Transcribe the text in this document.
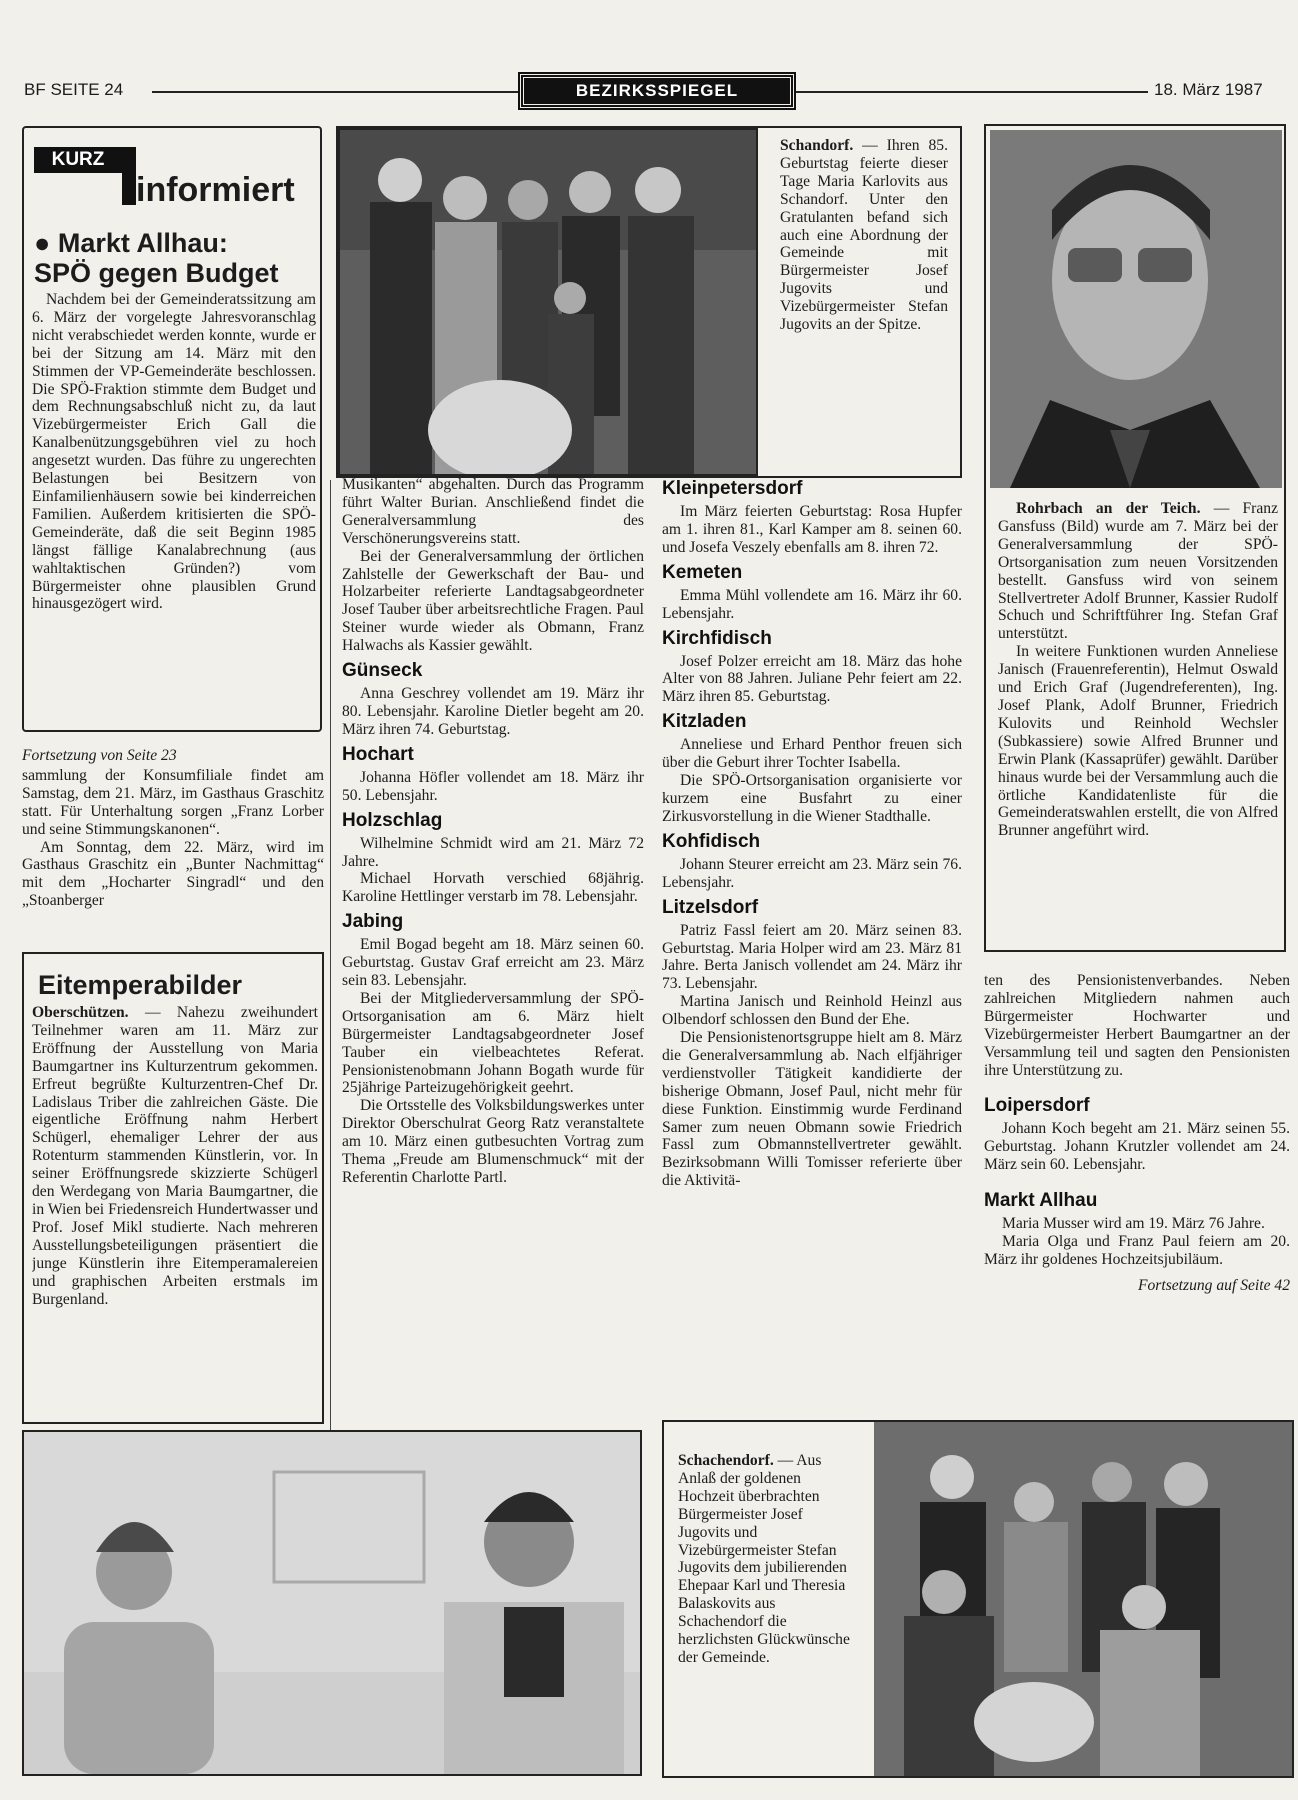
BF SEITE 24	BEZIRKSSPIEGEL	18. März 1987
KURZ
informiert
● Markt Allhau:
SPÖ gegen Budget
Nachdem bei der Gemeinderatssitzung am 6. März der vorgelegte Jahresvoranschlag nicht verabschiedet werden konnte, wurde er bei der Sitzung am 14. März mit den Stimmen der VP-Gemeinderäte beschlossen. Die SPÖ-Fraktion stimmte dem Budget und dem Rechnungsabschluß nicht zu, da laut Vizebürgermeister Erich Gall die Kanalbenützungsgebühren viel zu hoch angesetzt wurden. Das führe zu ungerechten Belastungen bei Besitzern von Einfamilienhäusern sowie bei kinderreichen Familien. Außerdem kritisierten die SPÖ-Gemeinderäte, daß die seit Beginn 1985 längst fällige Kanalabrechnung (aus wahltaktischen Gründen?) vom Bürgermeister ohne plausiblen Grund hinausgezögert wird.
Fortsetzung von Seite 23
sammlung der Konsumfiliale findet am Samstag, dem 21. März, im Gasthaus Graschitz statt. Für Unterhaltung sorgen „Franz Lorber und seine Stimmungskanonen“.
Am Sonntag, dem 22. März, wird im Gasthaus Graschitz ein „Bunter Nachmittag“ mit dem „Hocharter Singradl“ und den „Stoanberger
Eitemperabilder
Oberschützen. — Nahezu zweihundert Teilnehmer waren am 11. März zur Eröffnung der Ausstellung von Maria Baumgartner ins Kulturzentrum gekommen. Erfreut begrüßte Kulturzentren-Chef Dr. Ladislaus Triber die zahlreichen Gäste. Die eigentliche Eröffnung nahm Herbert Schügerl, ehemaliger Lehrer der aus Rotenturm stammenden Künstlerin, vor. In seiner Eröffnungsrede skizzierte Schügerl den Werdegang von Maria Baumgartner, die in Wien bei Friedensreich Hundertwasser und Prof. Josef Mikl studierte. Nach mehreren Ausstellungsbeteiligungen präsentiert die junge Künstlerin ihre Eitemperamalereien und graphischen Arbeiten erstmals im Burgenland.
Schandorf. — Ihren 85. Geburtstag feierte dieser Tage Maria Karlovits aus Schandorf. Unter den Gratulanten befand sich auch eine Abordnung der Gemeinde mit Bürgermeister Josef Jugovits und Vizebürgermeister Stefan Jugovits an der Spitze.
Musikanten“ abgehalten. Durch das Programm führt Walter Burian. Anschließend findet die Generalversammlung des Verschönerungsvereins statt.
Bei der Generalversammlung der örtlichen Zahlstelle der Gewerkschaft der Bau- und Holzarbeiter referierte Landtagsabgeordneter Josef Tauber über arbeitsrechtliche Fragen. Paul Steiner wurde wieder als Obmann, Franz Halwachs als Kassier gewählt.
Günseck
Anna Geschrey vollendet am 19. März ihr 80. Lebensjahr. Karoline Dietler begeht am 20. März ihren 74. Geburtstag.
Hochart
Johanna Höfler vollendet am 18. März ihr 50. Lebensjahr.
Holzschlag
Wilhelmine Schmidt wird am 21. März 72 Jahre.
Michael Horvath verschied 68jährig. Karoline Hettlinger verstarb im 78. Lebensjahr.
Jabing
Emil Bogad begeht am 18. März seinen 60. Geburtstag. Gustav Graf erreicht am 23. März sein 83. Lebensjahr.
Bei der Mitgliederversammlung der SPÖ-Ortsorganisation am 6. März hielt Bürgermeister Landtagsabgeordneter Josef Tauber ein vielbeachtetes Referat. Pensionistenobmann Johann Bogath wurde für 25jährige Parteizugehörigkeit geehrt.
Die Ortsstelle des Volksbildungswerkes unter Direktor Oberschulrat Georg Ratz veranstaltete am 10. März einen gutbesuchten Vortrag zum Thema „Freude am Blumenschmuck“ mit der Referentin Charlotte Partl.
Kleinpetersdorf
Im März feierten Geburtstag: Rosa Hupfer am 1. ihren 81., Karl Kamper am 8. seinen 60. und Josefa Veszely ebenfalls am 8. ihren 72.
Kemeten
Emma Mühl vollendete am 16. März ihr 60. Lebensjahr.
Kirchfidisch
Josef Polzer erreicht am 18. März das hohe Alter von 88 Jahren. Juliane Pehr feiert am 22. März ihren 85. Geburtstag.
Kitzladen
Anneliese und Erhard Penthor freuen sich über die Geburt ihrer Tochter Isabella.
Die SPÖ-Ortsorganisation organisierte vor kurzem eine Busfahrt zu einer Zirkusvorstellung in die Wiener Stadthalle.
Kohfidisch
Johann Steurer erreicht am 23. März sein 76. Lebensjahr.
Litzelsdorf
Patriz Fassl feiert am 20. März seinen 83. Geburtstag. Maria Holper wird am 23. März 81 Jahre. Berta Janisch vollendet am 24. März ihr 73. Lebensjahr.
Martina Janisch und Reinhold Heinzl aus Olbendorf schlossen den Bund der Ehe.
Die Pensionistenortsgruppe hielt am 8. März die Generalversammlung ab. Nach elfjähriger verdienstvoller Tätigkeit kandidierte der bisherige Obmann, Josef Paul, nicht mehr für diese Funktion. Einstimmig wurde Ferdinand Samer zum neuen Obmann sowie Friedrich Fassl zum Obmannstellvertreter gewählt. Bezirksobmann Willi Tomisser referierte über die Aktivitä-
Rohrbach an der Teich. — Franz Gansfuss (Bild) wurde am 7. März bei der Generalversammlung der SPÖ-Ortsorganisation zum neuen Vorsitzenden bestellt. Gansfuss wird von seinem Stellvertreter Adolf Brunner, Kassier Rudolf Schuch und Schriftführer Ing. Stefan Graf unterstützt.
In weitere Funktionen wurden Anneliese Janisch (Frauenreferentin), Helmut Oswald und Erich Graf (Jugendreferenten), Ing. Josef Plank, Adolf Brunner, Friedrich Kulovits und Reinhold Wechsler (Subkassiere) sowie Alfred Brunner und Erwin Plank (Kassaprüfer) gewählt. Darüber hinaus wurde bei der Versammlung auch die örtliche Kandidatenliste für die Gemeinderatswahlen erstellt, die von Alfred Brunner angeführt wird.
ten des Pensionistenverbandes. Neben zahlreichen Mitgliedern nahmen auch Bürgermeister Hochwarter und Vizebürgermeister Herbert Baumgartner an der Versammlung teil und sagten den Pensionisten ihre Unterstützung zu.
Loipersdorf
Johann Koch begeht am 21. März seinen 55. Geburtstag. Johann Krutzler vollendet am 24. März sein 60. Lebensjahr.
Markt Allhau
Maria Musser wird am 19. März 76 Jahre.
Maria Olga und Franz Paul feiern am 20. März ihr goldenes Hochzeitsjubiläum.
Fortsetzung auf Seite 42
Schachendorf. — Aus Anlaß der goldenen Hochzeit überbrachten Bürgermeister Josef Jugovits und Vizebürgermeister Stefan Jugovits dem jubilierenden Ehepaar Karl und Theresia Balaskovits aus Schachendorf die herzlichsten Glückwünsche der Gemeinde.
